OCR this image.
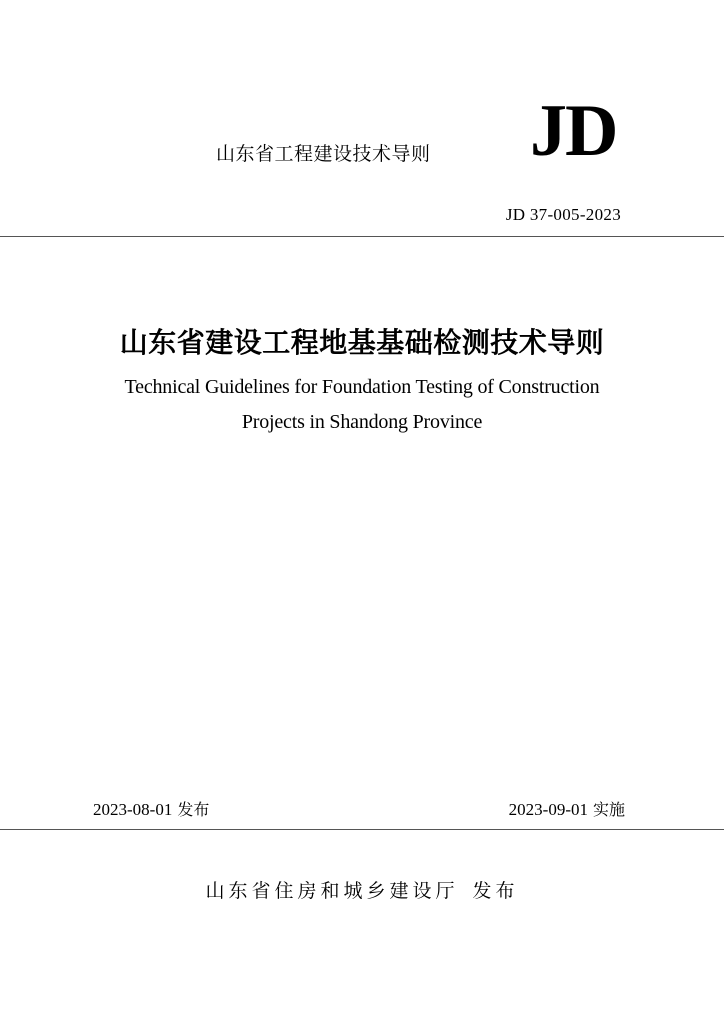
山东省工程建设技术导则 JD
JD 37-005-2023
山东省建设工程地基基础检测技术导则
Technical Guidelines for Foundation Testing of Construction
Projects in Shandong Province
2023-08-01 发布	2023-09-01 实施
山东省住房和城乡建设厅 发布
